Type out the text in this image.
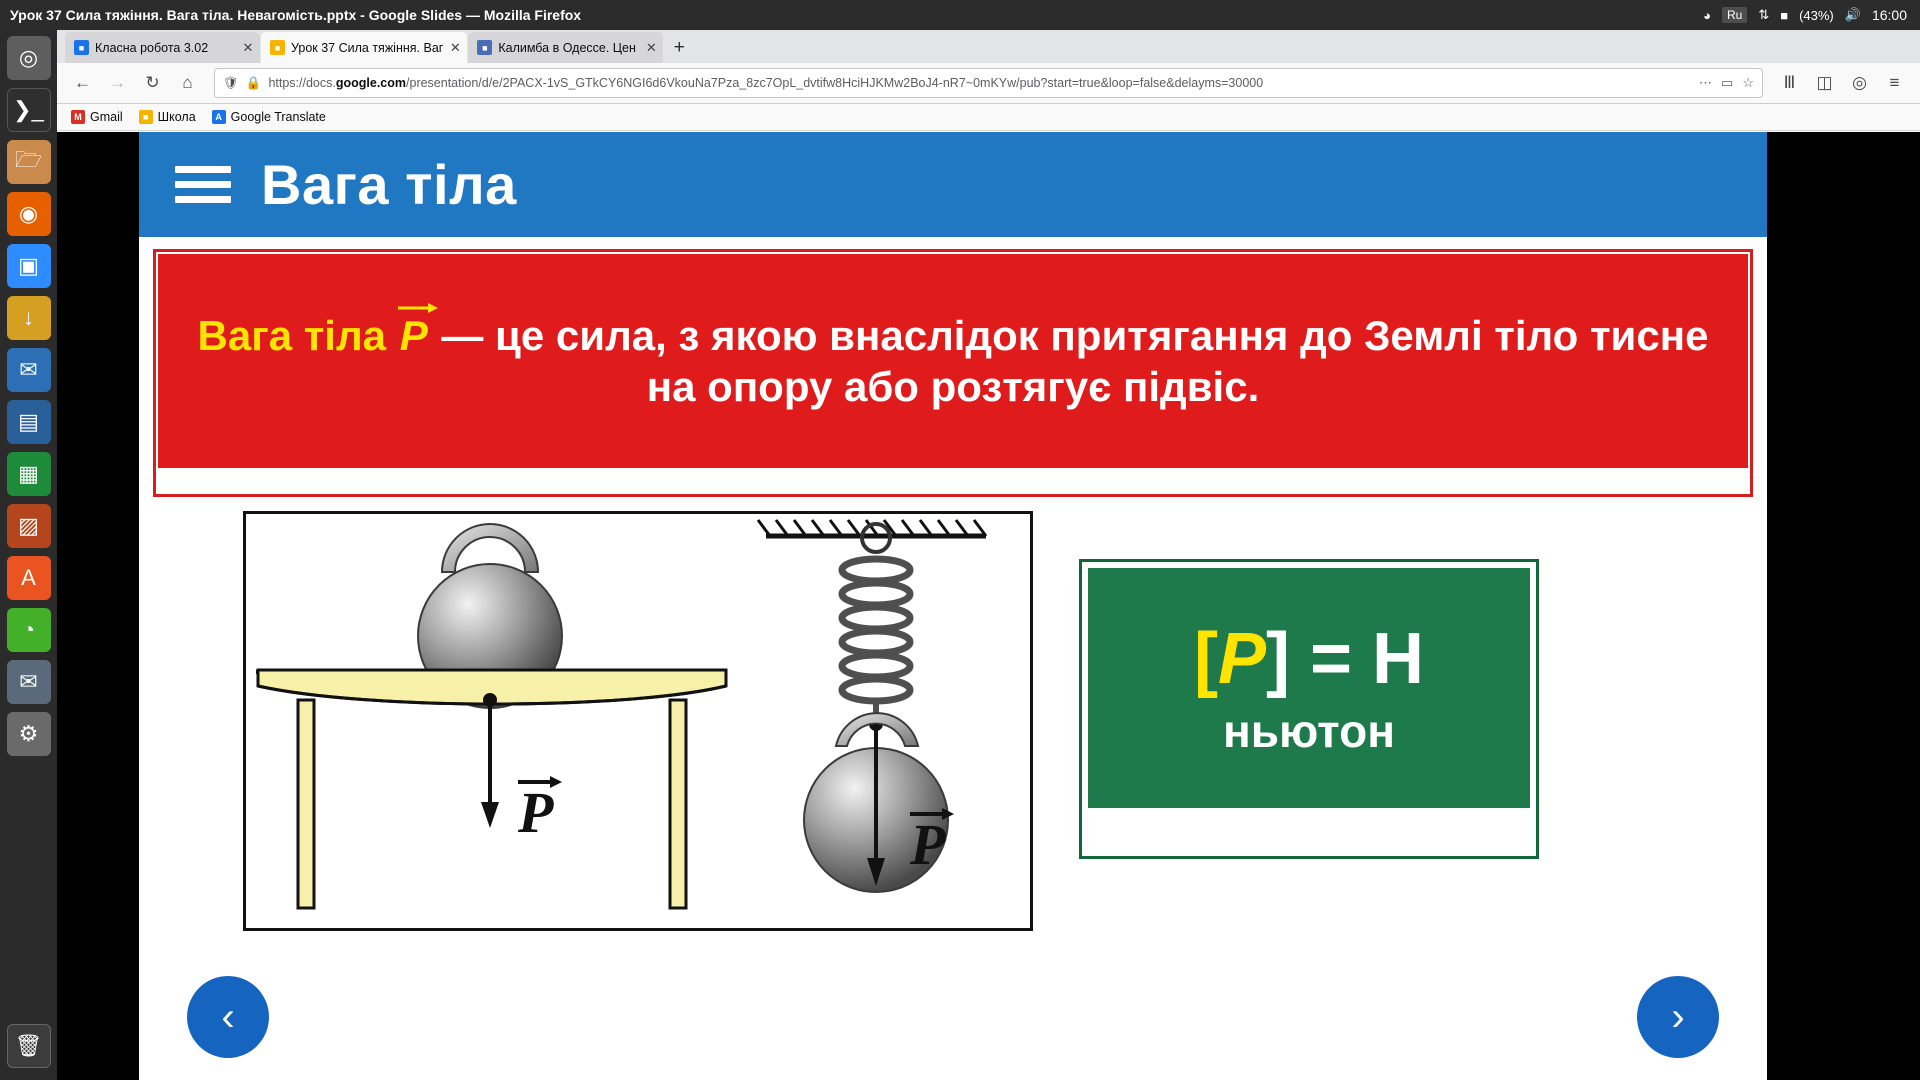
Урок 37 Сила тяжіння. Вага тіла. Невагомість.pptx - Google Slides — Mozilla Firefox	◕	Ru	⇅ ■ (43%) 🔊 16:00
◎
❯_
🗁
◉
▣
↓
✉
▤
▦
▨
A
◔
✉
⚙
🗑
■ Класна робота 3.02	✕	■ Урок 37 Сила тяжіння. Ваг ✕	■ Калимба в Одессе. Цен ✕ +
←	→	↻	⌂	🛡 🔒 https://docs.google.com/presentation/d/e/2PACX-1vS_GTkCY6NGI6d6VkouNa7Pza_8zc7OpL_dvtifw8HciHJKMw2BoJ4-nR7~0mKYw/pub?start=true&loop=false&delayms=30000	⋯ ▭ ☆	Ⅲ	◫	◎	≡
M Gmail	■ Школа	A Google Translate
Вага тіла
Вага тіла P — це сила, з якою внаслідок притягання до Землі тіло тисне на опору або розтягує підвіс.
P	P
[P] = Н
ньютон
‹	›
